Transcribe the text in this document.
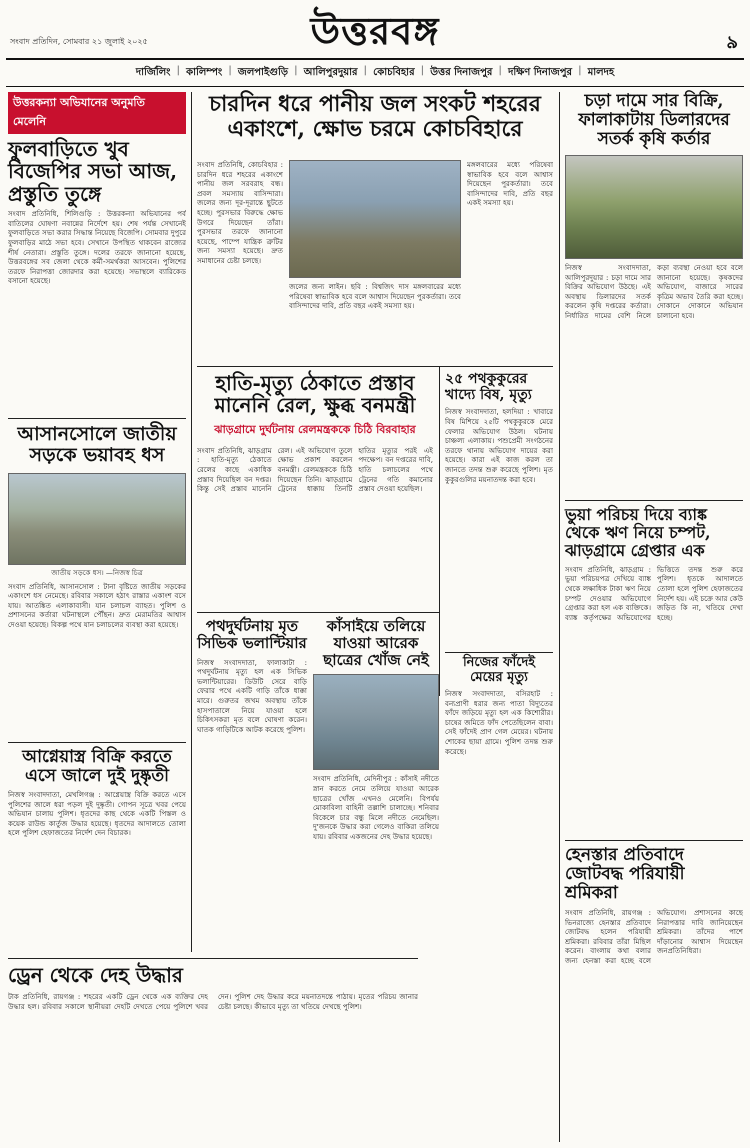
উত্তরবঙ্গ
সংবাদ প্রতিদিন, সোমবার ২১ জুলাই ২০২৫	৯
দার্জিলিং | কালিম্পং | জলপাইগুড়ি | আলিপুরদুয়ার | কোচবিহার | উত্তর দিনাজপুর | দক্ষিণ দিনাজপুর | মালদহ
উত্তরকন্যা অভিযানের অনুমতি মেলেনি
ফুলবাড়িতে খুব বিজেপির সভা আজ, প্রস্তুতি তুঙ্গে
সংবাদ প্রতিনিধি, শিলিগুড়ি : উত্তরকন্যা অভিযানের পর্ব বাতিলের ঘোষণা নবান্নের নির্দেশে হয়। শেষ পর্যন্ত সেখানেই ফুলবাড়িতে সভা করার সিদ্ধান্ত নিয়েছে বিজেপি। সোমবার দুপুরে ফুলবাড়ির মাঠে সভা হবে। সেখানে উপস্থিত থাকবেন রাজ্যের শীর্ষ নেতারা। প্রস্তুতি তুঙ্গে। দলের তরফে জানানো হয়েছে, উত্তরবঙ্গের সব জেলা থেকে কর্মী-সমর্থকরা আসবেন। পুলিশের তরফে নিরাপত্তা জোরদার করা হয়েছে। সভাস্থলে ব্যারিকেড বসানো হয়েছে।
আসানসোলে জাতীয় সড়কে ভয়াবহ ধস
জাতীয় সড়কে ধস। —নিজস্ব চিত্র
সংবাদ প্রতিনিধি, আসানসোল : টানা বৃষ্টিতে জাতীয় সড়কের একাংশে ধস নেমেছে। রবিবার সকালে হঠাৎ রাস্তার একাংশ বসে যায়। আতঙ্কিত এলাকাবাসী। যান চলাচল ব্যাহত। পুলিশ ও প্রশাসনের কর্তারা ঘটনাস্থলে পৌঁছন। দ্রুত মেরামতির আশ্বাস দেওয়া হয়েছে। বিকল্প পথে যান চলাচলের ব্যবস্থা করা হয়েছে।
আগ্নেয়াস্ত্র বিক্রি করতে এসে জালে দুই দুষ্কৃতী
নিজস্ব সংবাদদাতা, মেখলিগঞ্জ : আগ্নেয়াস্ত্র বিক্রি করতে এসে পুলিশের জালে ধরা পড়ল দুই দুষ্কৃতী। গোপন সূত্রে খবর পেয়ে অভিযান চালায় পুলিশ। ধৃতদের কাছ থেকে একটি পিস্তল ও কয়েক রাউন্ড কার্তুজ উদ্ধার হয়েছে। ধৃতদের আদালতে তোলা হলে পুলিশ হেফাজতের নির্দেশ দেন বিচারক।
ড্রেন থেকে দেহ উদ্ধার
টাক প্রতিনিধি, রায়গঞ্জ : শহরের একটি ড্রেন থেকে এক ব্যক্তির দেহ উদ্ধার হল। রবিবার সকালে স্থানীয়রা দেহটি দেখতে পেয়ে পুলিশে খবর দেন। পুলিশ দেহ উদ্ধার করে ময়নাতদন্তে পাঠায়। মৃতের পরিচয় জানার চেষ্টা চলছে। কীভাবে মৃত্যু তা খতিয়ে দেখছে পুলিশ।
চারদিন ধরে পানীয় জল সংকট শহরের একাংশে, ক্ষোভ চরমে কোচবিহারে
সংবাদ প্রতিনিধি, কোচবিহার : চারদিন ধরে শহরের একাংশে পানীয় জল সরবরাহ বন্ধ। প্রবল সমস্যায় বাসিন্দারা। জলের জন্য দূর-দূরান্তে ছুটতে হচ্ছে। পুরসভার বিরুদ্ধে ক্ষোভ উগরে দিয়েছেন তাঁরা। পুরসভার তরফে জানানো হয়েছে, পাম্পে যান্ত্রিক ত্রুটির জন্য সমস্যা হয়েছে। দ্রুত সমাধানের চেষ্টা চলছে।
জলের জন্য লাইন। ছবি : বিশ্বজিৎ দাস মঙ্গলবারের মধ্যে পরিষেবা স্বাভাবিক হবে বলে আশ্বাস দিয়েছেন পুরকর্তারা। তবে বাসিন্দাদের দাবি, প্রতি বছর একই সমস্যা হয়।
মঙ্গলবারের মধ্যে পরিষেবা স্বাভাবিক হবে বলে আশ্বাস দিয়েছেন পুরকর্তারা। তবে বাসিন্দাদের দাবি, প্রতি বছর একই সমস্যা হয়।
হাতি-মৃত্যু ঠেকাতে প্রস্তাব মানেনি রেল, ক্ষুব্ধ বনমন্ত্রী
ঝাড়গ্রামে দুর্ঘটনায় রেলমন্ত্রককে চিঠি বিরবাহার
সংবাদ প্রতিনিধি, ঝাড়গ্রাম : হাতি-মৃত্যু ঠেকাতে রেলের কাছে একাধিক প্রস্তাব দিয়েছিল বন দপ্তর। কিন্তু সেই প্রস্তাব মানেনি রেল। এই অভিযোগ তুলে ক্ষোভ প্রকাশ করলেন বনমন্ত্রী। রেলমন্ত্রককে চিঠি দিয়েছেন তিনি। ঝাড়গ্রামে ট্রেনের ধাক্কায় তিনটি হাতির মৃত্যুর পরই এই পদক্ষেপ। বন দপ্তরের দাবি, হাতি চলাচলের পথে ট্রেনের গতি কমানোর প্রস্তাব দেওয়া হয়েছিল।
২৫ পথকুকুরের খাদ্যে বিষ, মৃত্যু
নিজস্ব সংবাদদাতা, হলদিয়া : খাবারে বিষ মিশিয়ে ২৫টি পথকুকুরকে মেরে ফেলার অভিযোগ উঠল। ঘটনায় চাঞ্চল্য এলাকায়। পশুপ্রেমী সংগঠনের তরফে থানায় অভিযোগ দায়ের করা হয়েছে। কারা এই কাজ করল তা জানতে তদন্ত শুরু করেছে পুলিশ। মৃত কুকুরগুলির ময়নাতদন্ত করা হবে।
নিজের ফাঁদেই মেয়ের মৃত্যু
নিজস্ব সংবাদদাতা, বসিরহাট : বন্যপ্রাণী ধরার জন্য পাতা বিদ্যুতের ফাঁদে জড়িয়ে মৃত্যু হল এক কিশোরীর। চাষের জমিতে ফাঁদ পেতেছিলেন বাবা। সেই ফাঁদেই প্রাণ গেল মেয়ের। ঘটনায় শোকের ছায়া গ্রামে। পুলিশ তদন্ত শুরু করেছে।
পথদুর্ঘটনায় মৃত সিভিক ভলান্টিয়ার
নিজস্ব সংবাদদাতা, ফালাকাটা : পথদুর্ঘটনায় মৃত্যু হল এক সিভিক ভলান্টিয়ারের। ডিউটি সেরে বাড়ি ফেরার পথে একটি গাড়ি তাঁকে ধাক্কা মারে। গুরুতর জখম অবস্থায় তাঁকে হাসপাতালে নিয়ে যাওয়া হলে চিকিৎসকরা মৃত বলে ঘোষণা করেন। ঘাতক গাড়িটিকে আটক করেছে পুলিশ।
কাঁসাইয়ে তলিয়ে যাওয়া আরেক ছাত্রের খোঁজ নেই
সংবাদ প্রতিনিধি, মেদিনীপুর : কাঁসাই নদীতে স্নান করতে নেমে তলিয়ে যাওয়া আরেক ছাত্রের খোঁজ এখনও মেলেনি। বিপর্যয় মোকাবিলা বাহিনী তল্লাশি চালাচ্ছে। শনিবার বিকেলে চার বন্ধু মিলে নদীতে নেমেছিল। দু'জনকে উদ্ধার করা গেলেও বাকিরা তলিয়ে যায়। রবিবার একজনের দেহ উদ্ধার হয়েছে।
চড়া দামে সার বিক্রি, ফালাকাটায় ডিলারদের সতর্ক কৃষি কর্তার
নিজস্ব সংবাদদাতা, আলিপুরদুয়ার : চড়া দামে সার বিক্রির অভিযোগ উঠছে। এই অবস্থায় ডিলারদের সতর্ক করলেন কৃষি দপ্তরের কর্তারা। নির্ধারিত দামের বেশি নিলে কড়া ব্যবস্থা নেওয়া হবে বলে জানানো হয়েছে। কৃষকদের অভিযোগ, বাজারে সারের কৃত্রিম অভাব তৈরি করা হচ্ছে। দোকানে দোকানে অভিযান চালানো হবে।
ভুয়া পরিচয় দিয়ে ব্যাঙ্ক থেকে ঋণ নিয়ে চম্পট, ঝাড়গ্রামে গ্রেপ্তার এক
সংবাদ প্রতিনিধি, ঝাড়গ্রাম : ভুয়া পরিচয়পত্র দেখিয়ে ব্যাঙ্ক থেকে লক্ষাধিক টাকা ঋণ নিয়ে চম্পট দেওয়ার অভিযোগে গ্রেপ্তার করা হল এক ব্যক্তিকে। ব্যাঙ্ক কর্তৃপক্ষের অভিযোগের ভিত্তিতে তদন্ত শুরু করে পুলিশ। ধৃতকে আদালতে তোলা হলে পুলিশ হেফাজতের নির্দেশ হয়। এই চক্রে আর কেউ জড়িত কি না, খতিয়ে দেখা হচ্ছে।
হেনস্তার প্রতিবাদে জোটবদ্ধ পরিযায়ী শ্রমিকরা
সংবাদ প্রতিনিধি, রায়গঞ্জ : ভিনরাজ্যে হেনস্তার প্রতিবাদে জোটবদ্ধ হলেন পরিযায়ী শ্রমিকরা। রবিবার তাঁরা মিছিল করেন। বাংলায় কথা বলার জন্য হেনস্তা করা হচ্ছে বলে অভিযোগ। প্রশাসনের কাছে নিরাপত্তার দাবি জানিয়েছেন শ্রমিকরা। তাঁদের পাশে দাঁড়ানোর আশ্বাস দিয়েছেন জনপ্রতিনিধিরা।
